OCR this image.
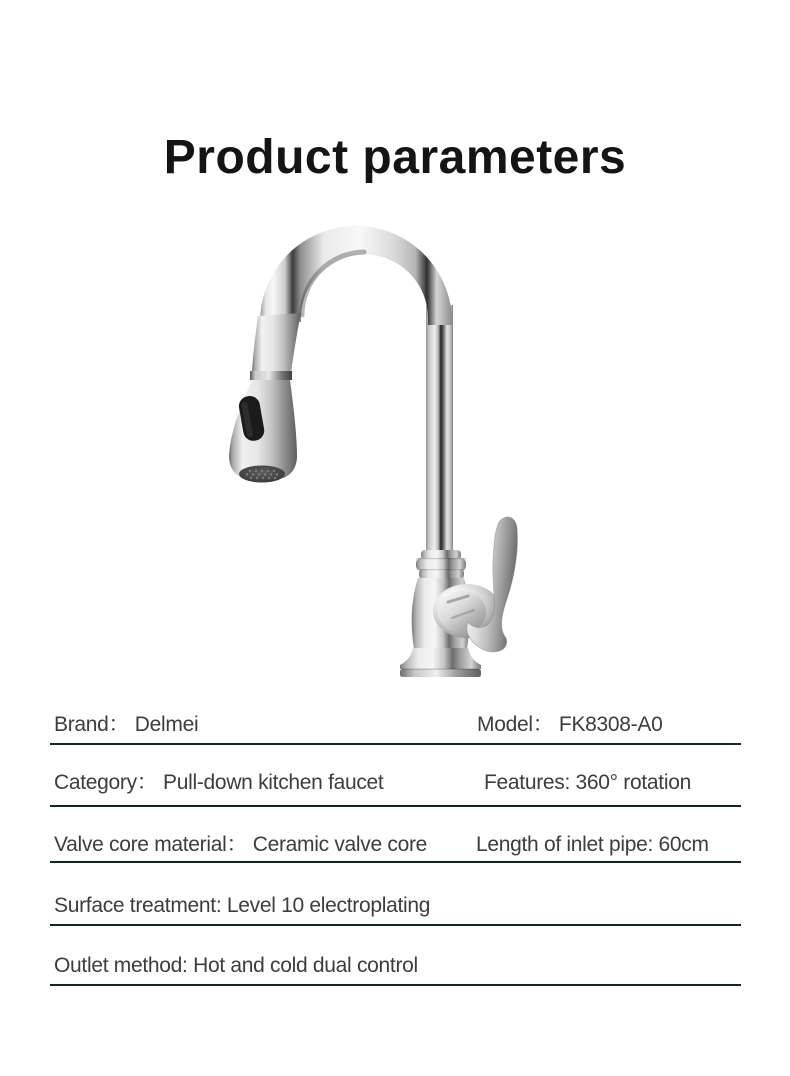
Product parameters
Brand： Delmei	Model： FK8308-A0
Category： Pull-down kitchen faucet	Features: 360° rotation
Valve core material： Ceramic valve core Length of inlet pipe: 60cm
Surface treatment: Level 10 electroplating
Outlet method: Hot and cold dual control
